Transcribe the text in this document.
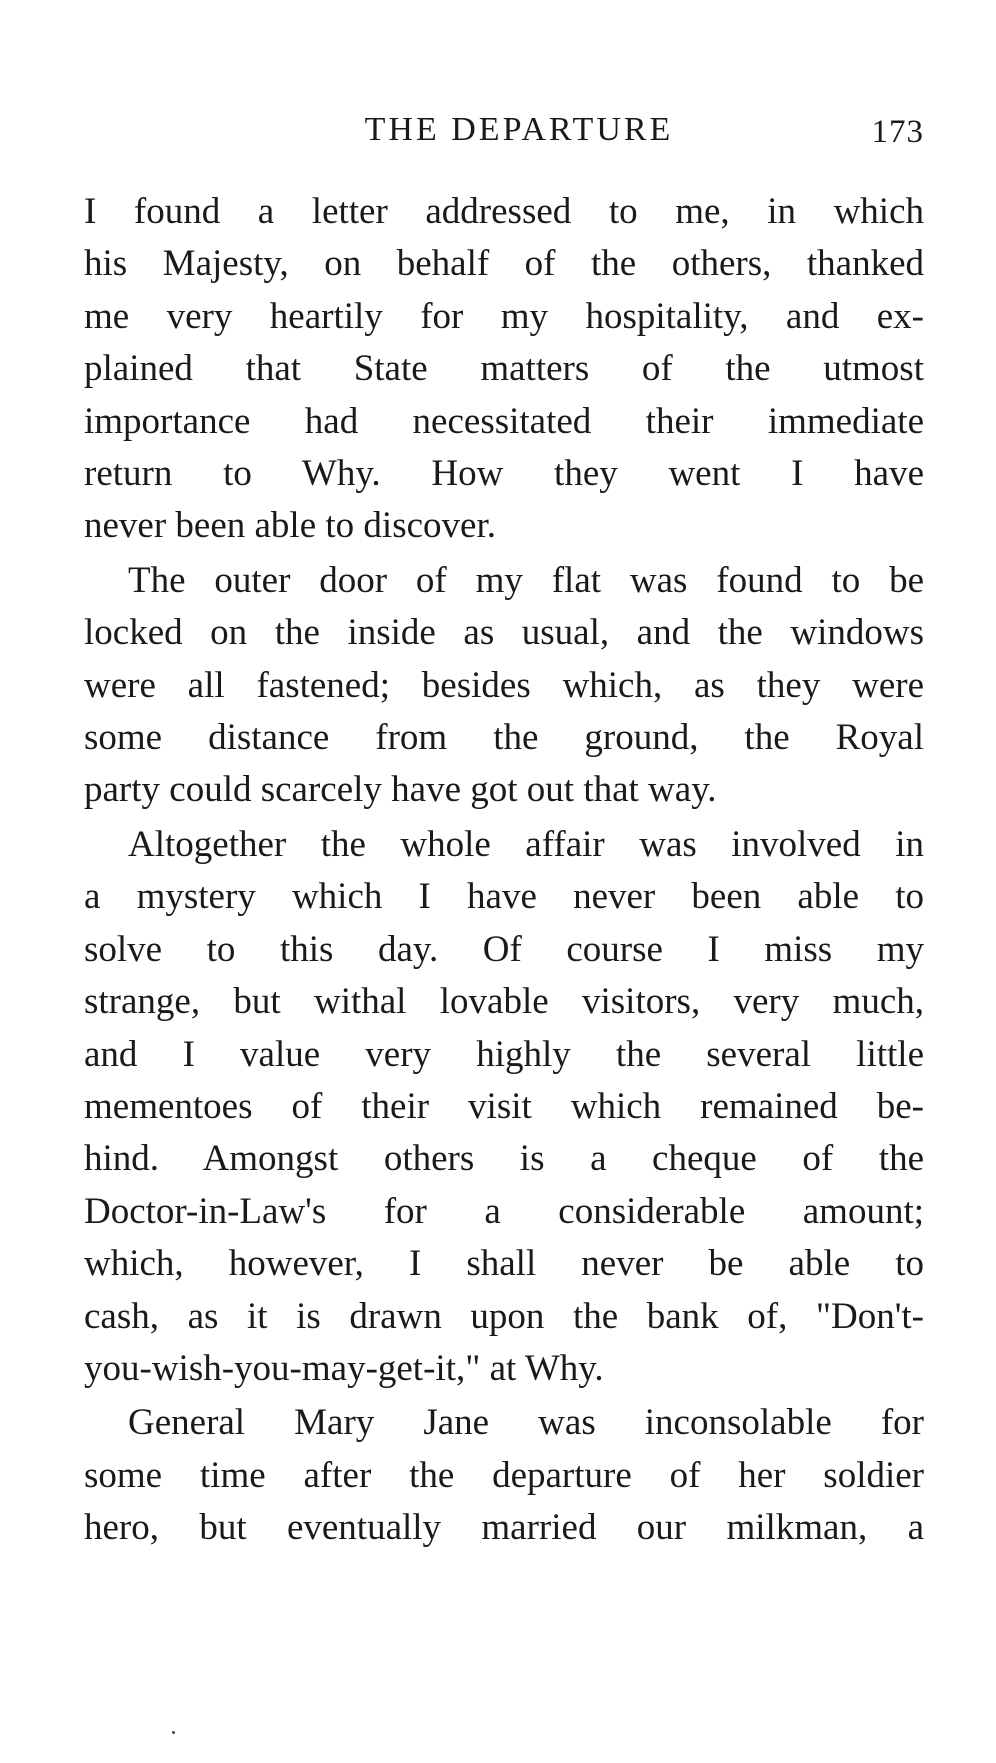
THE DEPARTURE	173

I found a letter addressed to me, in which
his Majesty, on behalf of the others, thanked
me very heartily for my hospitality, and ex-
plained that State matters of the utmost
importance had necessitated their immediate
return to Why. How they went I have
never been able to discover.

The outer door of my flat was found to be
locked on the inside as usual, and the windows
were all fastened; besides which, as they were
some distance from the ground, the Royal
party could scarcely have got out that way.

Altogether the whole affair was involved in
a mystery which I have never been able to
solve to this day. Of course I miss my
strange, but withal lovable visitors, very much,
and I value very highly the several little
mementoes of their visit which remained be-
hind. Amongst others is a cheque of the
Doctor-in-Law's for a considerable amount;
which, however, I shall never be able to
cash, as it is drawn upon the bank of, "Don't-
you-wish-you-may-get-it," at Why.

General Mary Jane was inconsolable for
some time after the departure of her soldier
hero, but eventually married our milkman, a
